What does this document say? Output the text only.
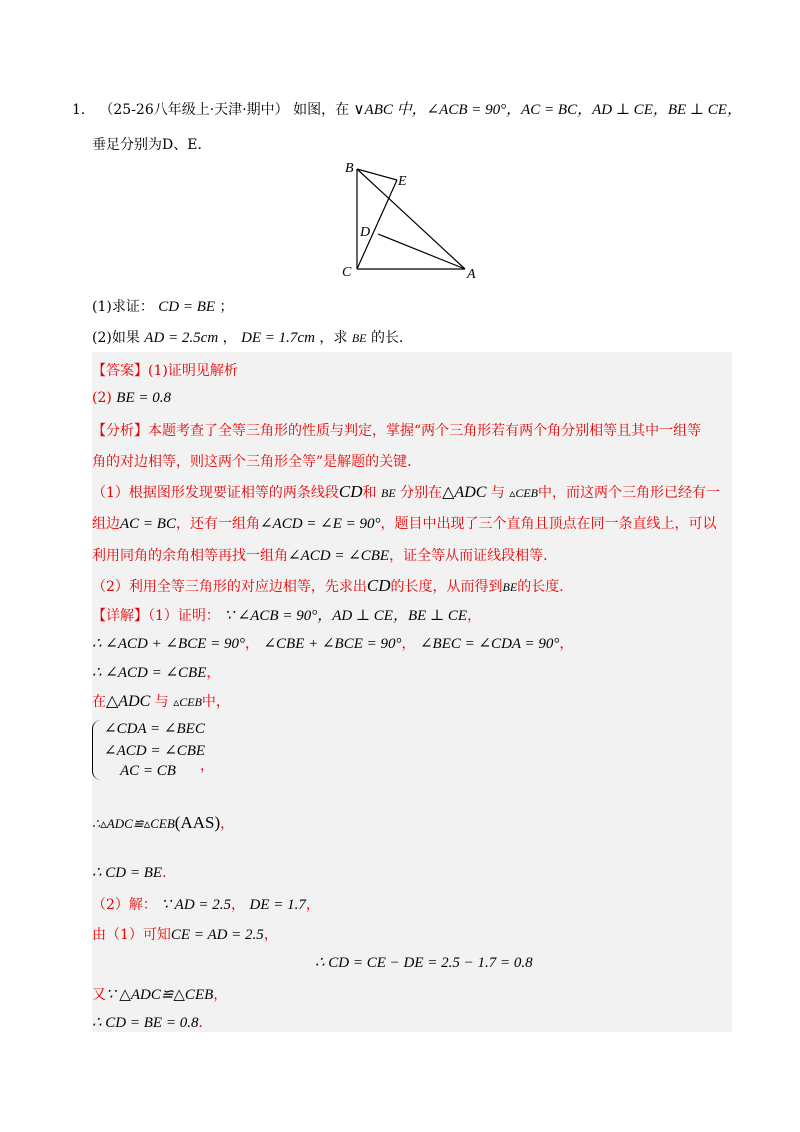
1． （25-26八年级上·天津·期中） 如图，在 ∨ABC 中，∠ACB = 90°，AC = BC，AD ⊥ CE，BE ⊥ CE，
垂足分别为D、E．
B
E
D
C	A
(1)求证： CD = BE ；
(2)如果 AD = 2.5cm ， DE = 1.7cm ，求 BE 的长．
【答案】(1)证明见解析
(2) BE = 0.8
【分析】本题考查了全等三角形的性质与判定，掌握“两个三角形若有两个角分别相等且其中一组等
角的对边相等，则这两个三角形全等”是解题的关键．
（1）根据图形发现要证相等的两条线段CD和 BE 分别在△ADC 与 ▵CEB中，而这两个三角形已经有一
组边AC = BC，还有一组角∠ACD = ∠E = 90°，题目中出现了三个直角且顶点在同一条直线上，可以
利用同角的余角相等再找一组角∠ACD = ∠CBE，证全等从而证线段相等．
（2）利用全等三角形的对应边相等，先求出CD的长度，从而得到BE的长度．
【详解】（1）证明： ∵ ∠ACB = 90°，AD ⊥ CE，BE ⊥ CE，
∴ ∠ACD + ∠BCE = 90°， ∠CBE + ∠BCE = 90°， ∠BEC = ∠CDA = 90°，
∴ ∠ACD = ∠CBE，
在△ADC 与 ▵CEB中，
∠CDA = ∠BEC
∠ACD = ∠CBE
AC = CB ，
∴▵ADC≌▵CEB(AAS)，
∴ CD = BE．
（2）解： ∵ AD = 2.5， DE = 1.7，
由（1）可知CE = AD = 2.5，
∴ CD = CE − DE = 2.5 − 1.7 = 0.8
又∵ △ADC≌△CEB，
∴ CD = BE = 0.8．
